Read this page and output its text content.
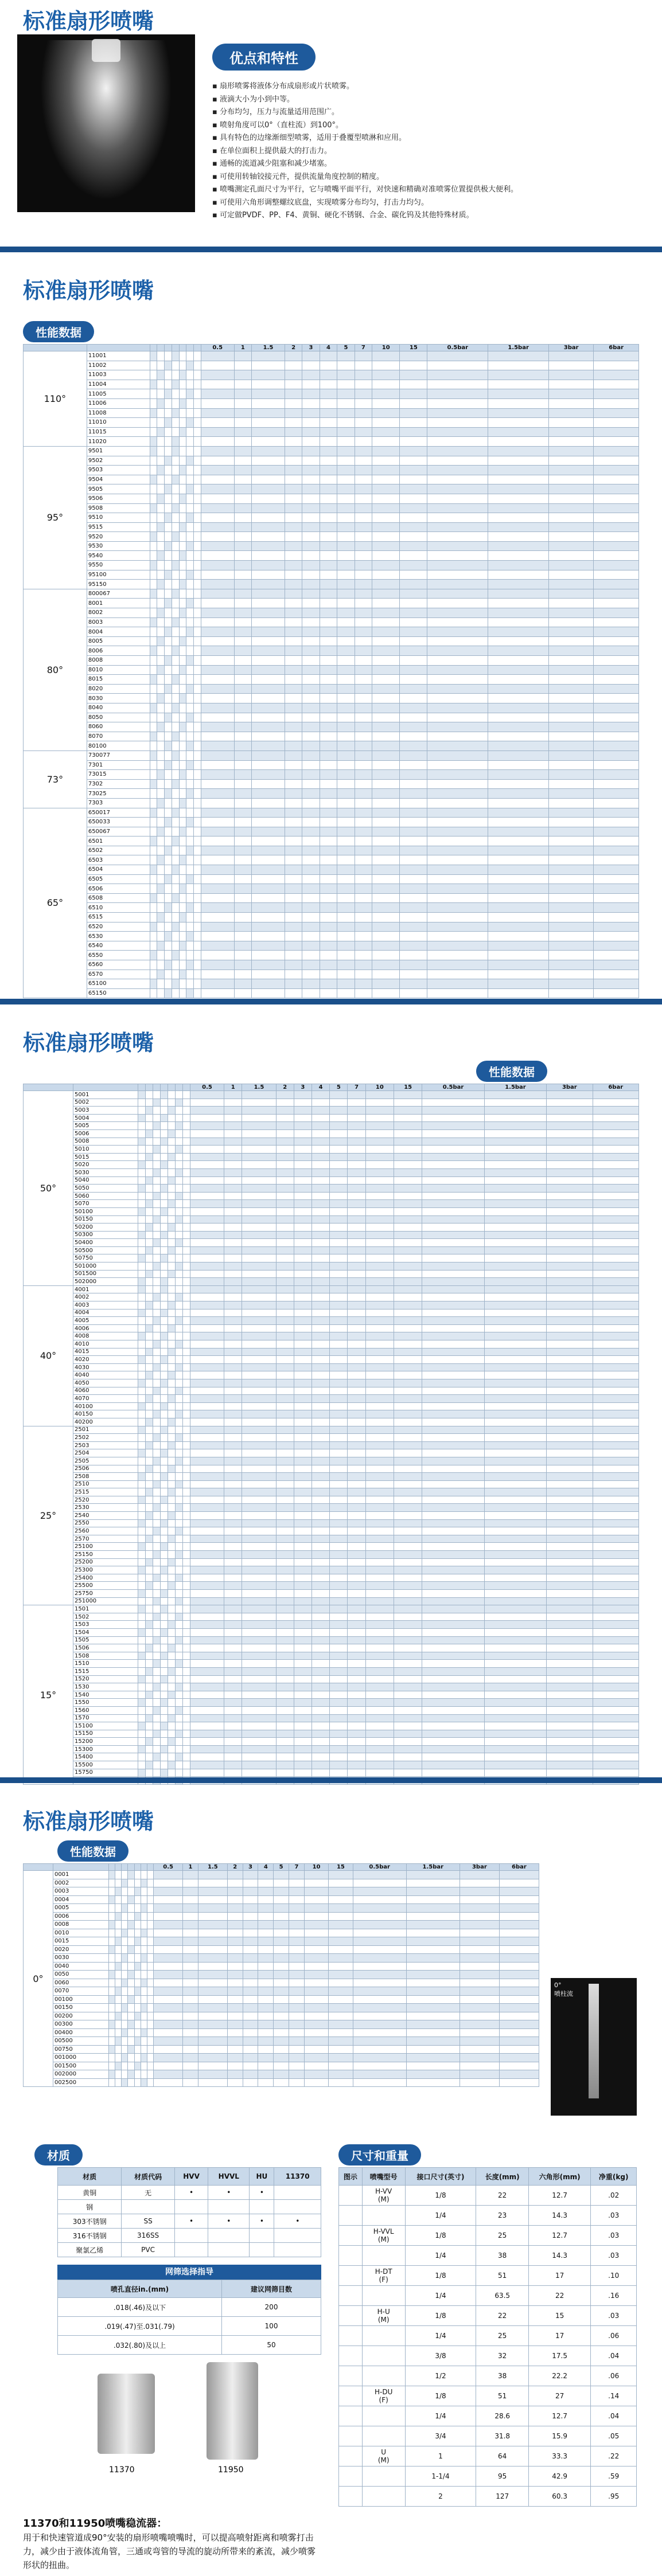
标准扇形喷嘴
优点和特性
▪ 扇形喷雾将液体分布成扇形或片状喷雾。
▪ 液滴大小为小到中等。
▪ 分布均匀，压力与流量适用范围广。
▪ 喷射角度可以0°（直柱流）到100°。
▪ 具有特色的边缘渐细型喷雾，适用于叠覆型喷淋和应用。
▪ 在单位面积上提供最大的打击力。
▪ 通畅的流道减少阻塞和减少堵塞。
▪ 可使用转轴铰接元件，提供流量角度控制的精度。
▪ 喷嘴测定孔面尺寸为平行，它与喷嘴平面平行，对快速和精确对准喷雾位置提供极大便利。
▪ 可使用六角形调整螺纹底盘，实现喷雾分布均匀，打击力均匀。
▪ 可定做PVDF、PP、F4、黄铜、硬化不锈钢、合金、碳化钨及其他特殊材质。
标准扇形喷嘴
性能数据
									0.5	1	1.5	2	3	4	5	7	10	15	0.5bar	1.5bar	3bar	6bar
110°	11001																					
	11002																					
	11003																					
	11004																					
	11005																					
	11006																					
	11008																					
	11010																					
	11015																					
	11020																					
95°	9501																					
	9502																					
	9503																					
	9504																					
	9505																					
	9506																					
	9508																					
	9510																					
	9515																					
	9520																					
	9530																					
	9540																					
	9550																					
	95100																					
	95150																					
80°	800067																					
	8001																					
	8002																					
	8003																					
	8004																					
	8005																					
	8006																					
	8008																					
	8010																					
	8015																					
	8020																					
	8030																					
	8040																					
	8050																					
	8060																					
	8070																					
	80100																					
73°	730077																					
	7301																					
	73015																					
	7302																					
	73025																					
	7303																					
65°	650017																					
	650033																					
	650067																					
	6501																					
	6502																					
	6503																					
	6504																					
	6505																					
	6506																					
	6508																					
	6510																					
	6515																					
	6520																					
	6530																					
	6540																					
	6550																					
	6560																					
	6570																					
	65100																					
	65150																					
标准扇形喷嘴
性能数据
									0.5	1	1.5	2	3	4	5	7	10	15	0.5bar	1.5bar	3bar	6bar
50°	5001																					
	5002																					
	5003																					
	5004																					
	5005																					
	5006																					
	5008																					
	5010																					
	5015																					
	5020																					
	5030																					
	5040																					
	5050																					
	5060																					
	5070																					
	50100																					
	50150																					
	50200																					
	50300																					
	50400																					
	50500																					
	50750																					
	501000																					
	501500																					
	502000																					
40°	4001																					
	4002																					
	4003																					
	4004																					
	4005																					
	4006																					
	4008																					
	4010																					
	4015																					
	4020																					
	4030																					
	4040																					
	4050																					
	4060																					
	4070																					
	40100																					
	40150																					
	40200																					
25°	2501																					
	2502																					
	2503																					
	2504																					
	2505																					
	2506																					
	2508																					
	2510																					
	2515																					
	2520																					
	2530																					
	2540																					
	2550																					
	2560																					
	2570																					
	25100																					
	25150																					
	25200																					
	25300																					
	25400																					
	25500																					
	25750																					
	251000																					
15°	1501																					
	1502																					
	1503																					
	1504																					
	1505																					
	1506																					
	1508																					
	1510																					
	1515																					
	1520																					
	1530																					
	1540																					
	1550																					
	1560																					
	1570																					
	15100																					
	15150																					
	15200																					
	15300																					
	15400																					
	15500																					
	15750																					

标准扇形喷嘴
性能数据
									0.5	1	1.5	2	3	4	5	7	10	15	0.5bar	1.5bar	3bar	6bar
0°	0001																					
	0002																					
	0003																					
	0004																					
	0005																					
	0006																					
	0008																					
	0010																					
	0015																					
	0020																					
	0030																					
	0040																					
	0050																					
	0060																					
	0070																					
	00100																					
	00150																					
	00200																					
	00300																					
	00400																					
	00500																					
	00750																					
	001000																					
	001500																					
	002000																					
	002500																					
0°
喷柱流
材质
材质	材质代码	HVV	HVVL	HU	11370
黄铜	无	•	•	•	
钢					
303不锈钢	SS	•	•	•	•
316不锈钢	316SS				
聚氯乙烯	PVC				
网筛选择指导
喷孔直径in.(mm)	建议网筛目数
.018(.46)及以下	200
.019(.47)至.031(.79)	100
.032(.80)及以上	50
11370	11950
尺寸和重量
图示	喷嘴型号	接口尺寸(英寸)	长度(mm)	六角形(mm)	净重(kg)
	H-VV
(M)	1/8	22	12.7	.02
		1/4	23	14.3	.03
	H-VVL
(M)	1/8	25	12.7	.03
		1/4	38	14.3	.03
	H-DT
(F)	1/8	51	17	.10
		1/4	63.5	22	.16
	H-U
(M)	1/8	22	15	.03
		1/4	25	17	.06
		3/8	32	17.5	.04
		1/2	38	22.2	.06
	H-DU
(F)	1/8	51	27	.14
		1/4	28.6	12.7	.04
		3/4	31.8	15.9	.05
	U
(M)	1	64	33.3	.22
		1-1/4	95	42.9	.59
		2	127	60.3	.95
11370和11950喷嘴稳流器：
用于和快速管道成90°安装的扇形喷嘴喷嘴时，可以提高喷射距离和喷雾打击力，减少由于液体流角管，三通或弯管的导流的旋动所带来的紊流，减少喷雾形状的扭曲。
